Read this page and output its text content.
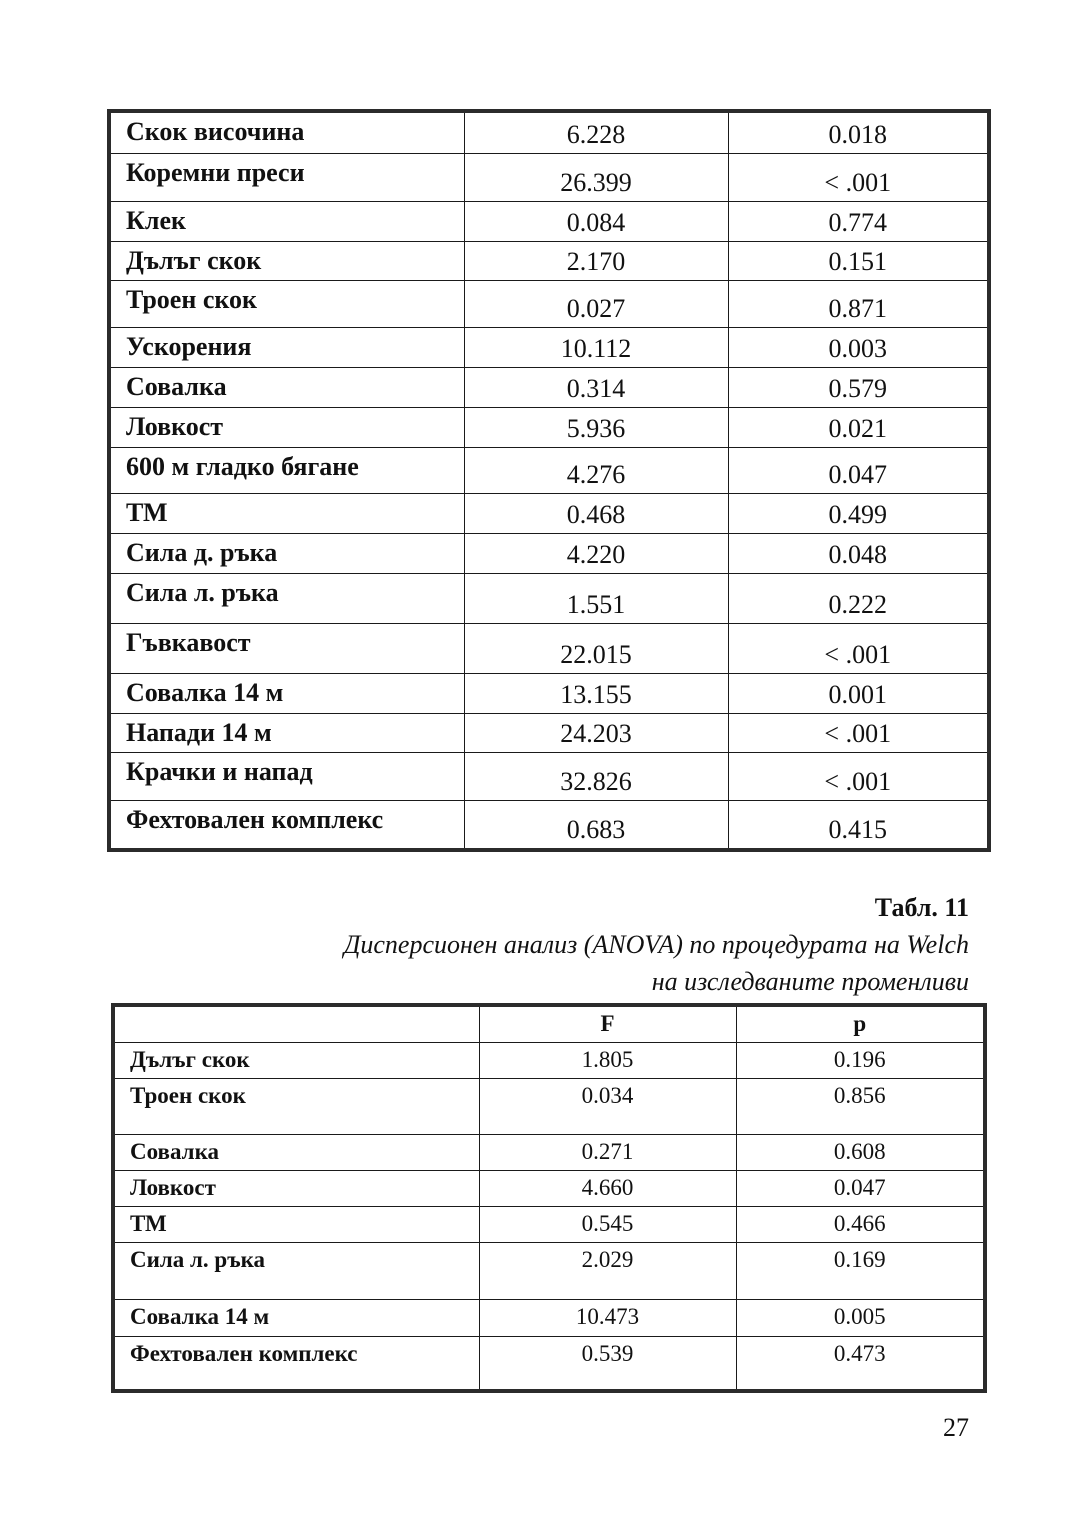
Скок височина	6.228	0.018
Коремни преси	26.399	< .001
Клек	0.084	0.774
Дълъг скок	2.170	0.151
Троен скок	0.027	0.871
Ускорения	10.112	0.003
Совалка	0.314	0.579
Ловкост	5.936	0.021
600 м гладко бягане	4.276	0.047
ТМ	0.468	0.499
Сила д. ръка	4.220	0.048
Сила л. ръка	1.551	0.222
Гъвкавост	22.015	< .001
Совалка 14 м	13.155	0.001
Напади 14 м	24.203	< .001
Крачки и напад	32.826	< .001
Фехтовален комплекс	0.683	0.415

Табл. 11

Дисперсионен анализ (ANOVA) по процедурата на Welch

на изследваните променливи

	F	p
Дълъг скок	1.805	0.196
Троен скок	0.034	0.856
Совалка	0.271	0.608
Ловкост	4.660	0.047
ТМ	0.545	0.466
Сила л. ръка	2.029	0.169
Совалка 14 м	10.473	0.005
Фехтовален комплекс	0.539	0.473
27
